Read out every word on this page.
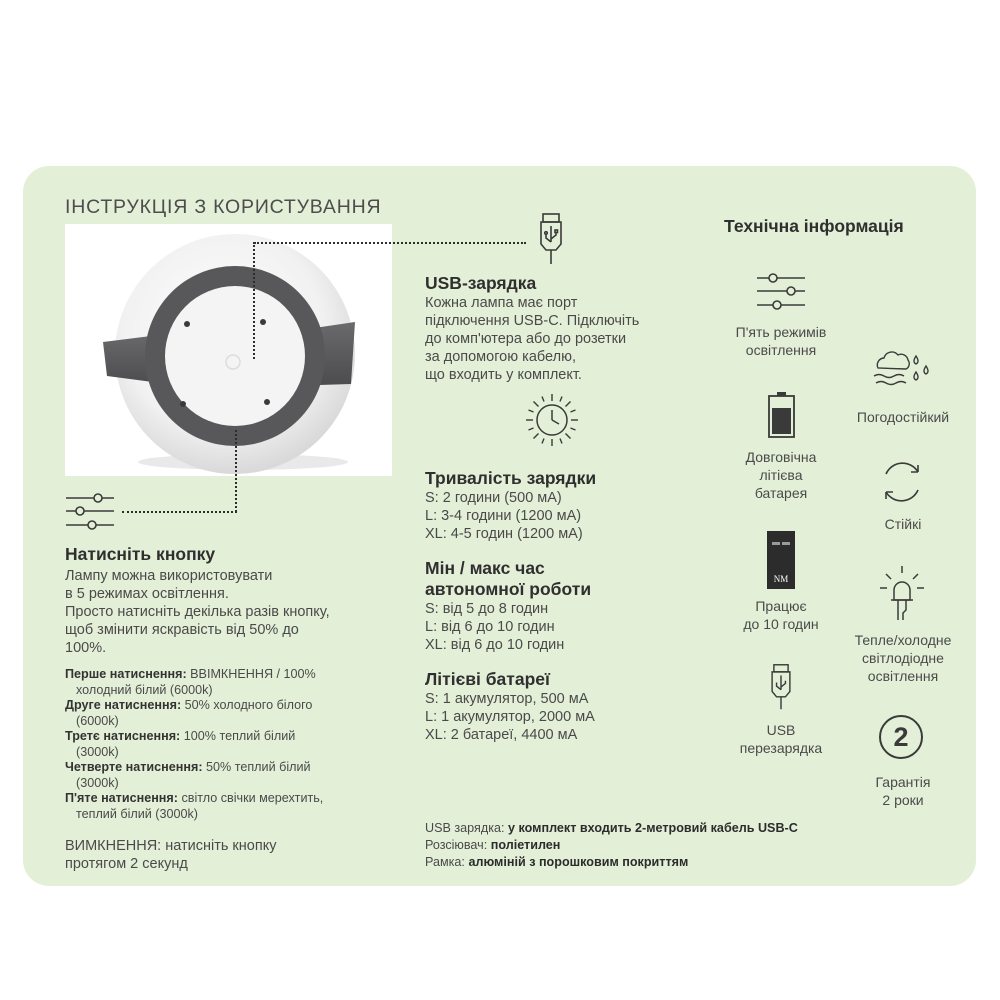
ІНСТРУКЦІЯ З КОРИСТУВАННЯ
Натисніть кнопку
Лампу можна використовувати
в 5 режимах освітлення.
Просто натисніть декілька разів кнопку,
щоб змінити яскравість від 50% до
100%.
Перше натиснення: ВВІМКНЕННЯ / 100%
холодний білий (6000k)
Друге натиснення: 50% холодного білого
(6000k)
Третє натиснення: 100% теплий білий
(3000k)
Четверте натиснення: 50% теплий білий
(3000k)
П'яте натиснення: світло свічки мерехтить,
теплий білий (3000k)
ВИМКНЕННЯ: натисніть кнопку
протягом 2 секунд
USB-зарядка
Кожна лампа має порт
підключення USB-C. Підключіть
до комп'ютера або до розетки
за допомогою кабелю,
що входить у комплект.
Тривалість зарядки
S: 2 години (500 мА)
L: 3-4 години (1200 мА)
XL: 4-5 годин (1200 мА)
Мін / макс час
автономної роботи
S: від 5 до 8 годин
L: від 6 до 10 годин
XL: від 6 до 10 годин
Літієві батареї
S: 1 акумулятор, 500 мА
L: 1 акумулятор, 2000 мА
XL: 2 батареї, 4400 мА
USB зарядка: у комплект входить 2-метровий кабель USB-C
Розсіювач: поліетилен
Рамка: алюміній з порошковим покриттям
Технічна інформація
П'ять режимів
освітлення
Довговічна
літієва
батарея
NM
Працює
до 10 годин
USB
перезарядка
Погодостійкий
Стійкі
Тепле/холодне
світлодіодне
освітлення
2
Гарантія
2 роки
